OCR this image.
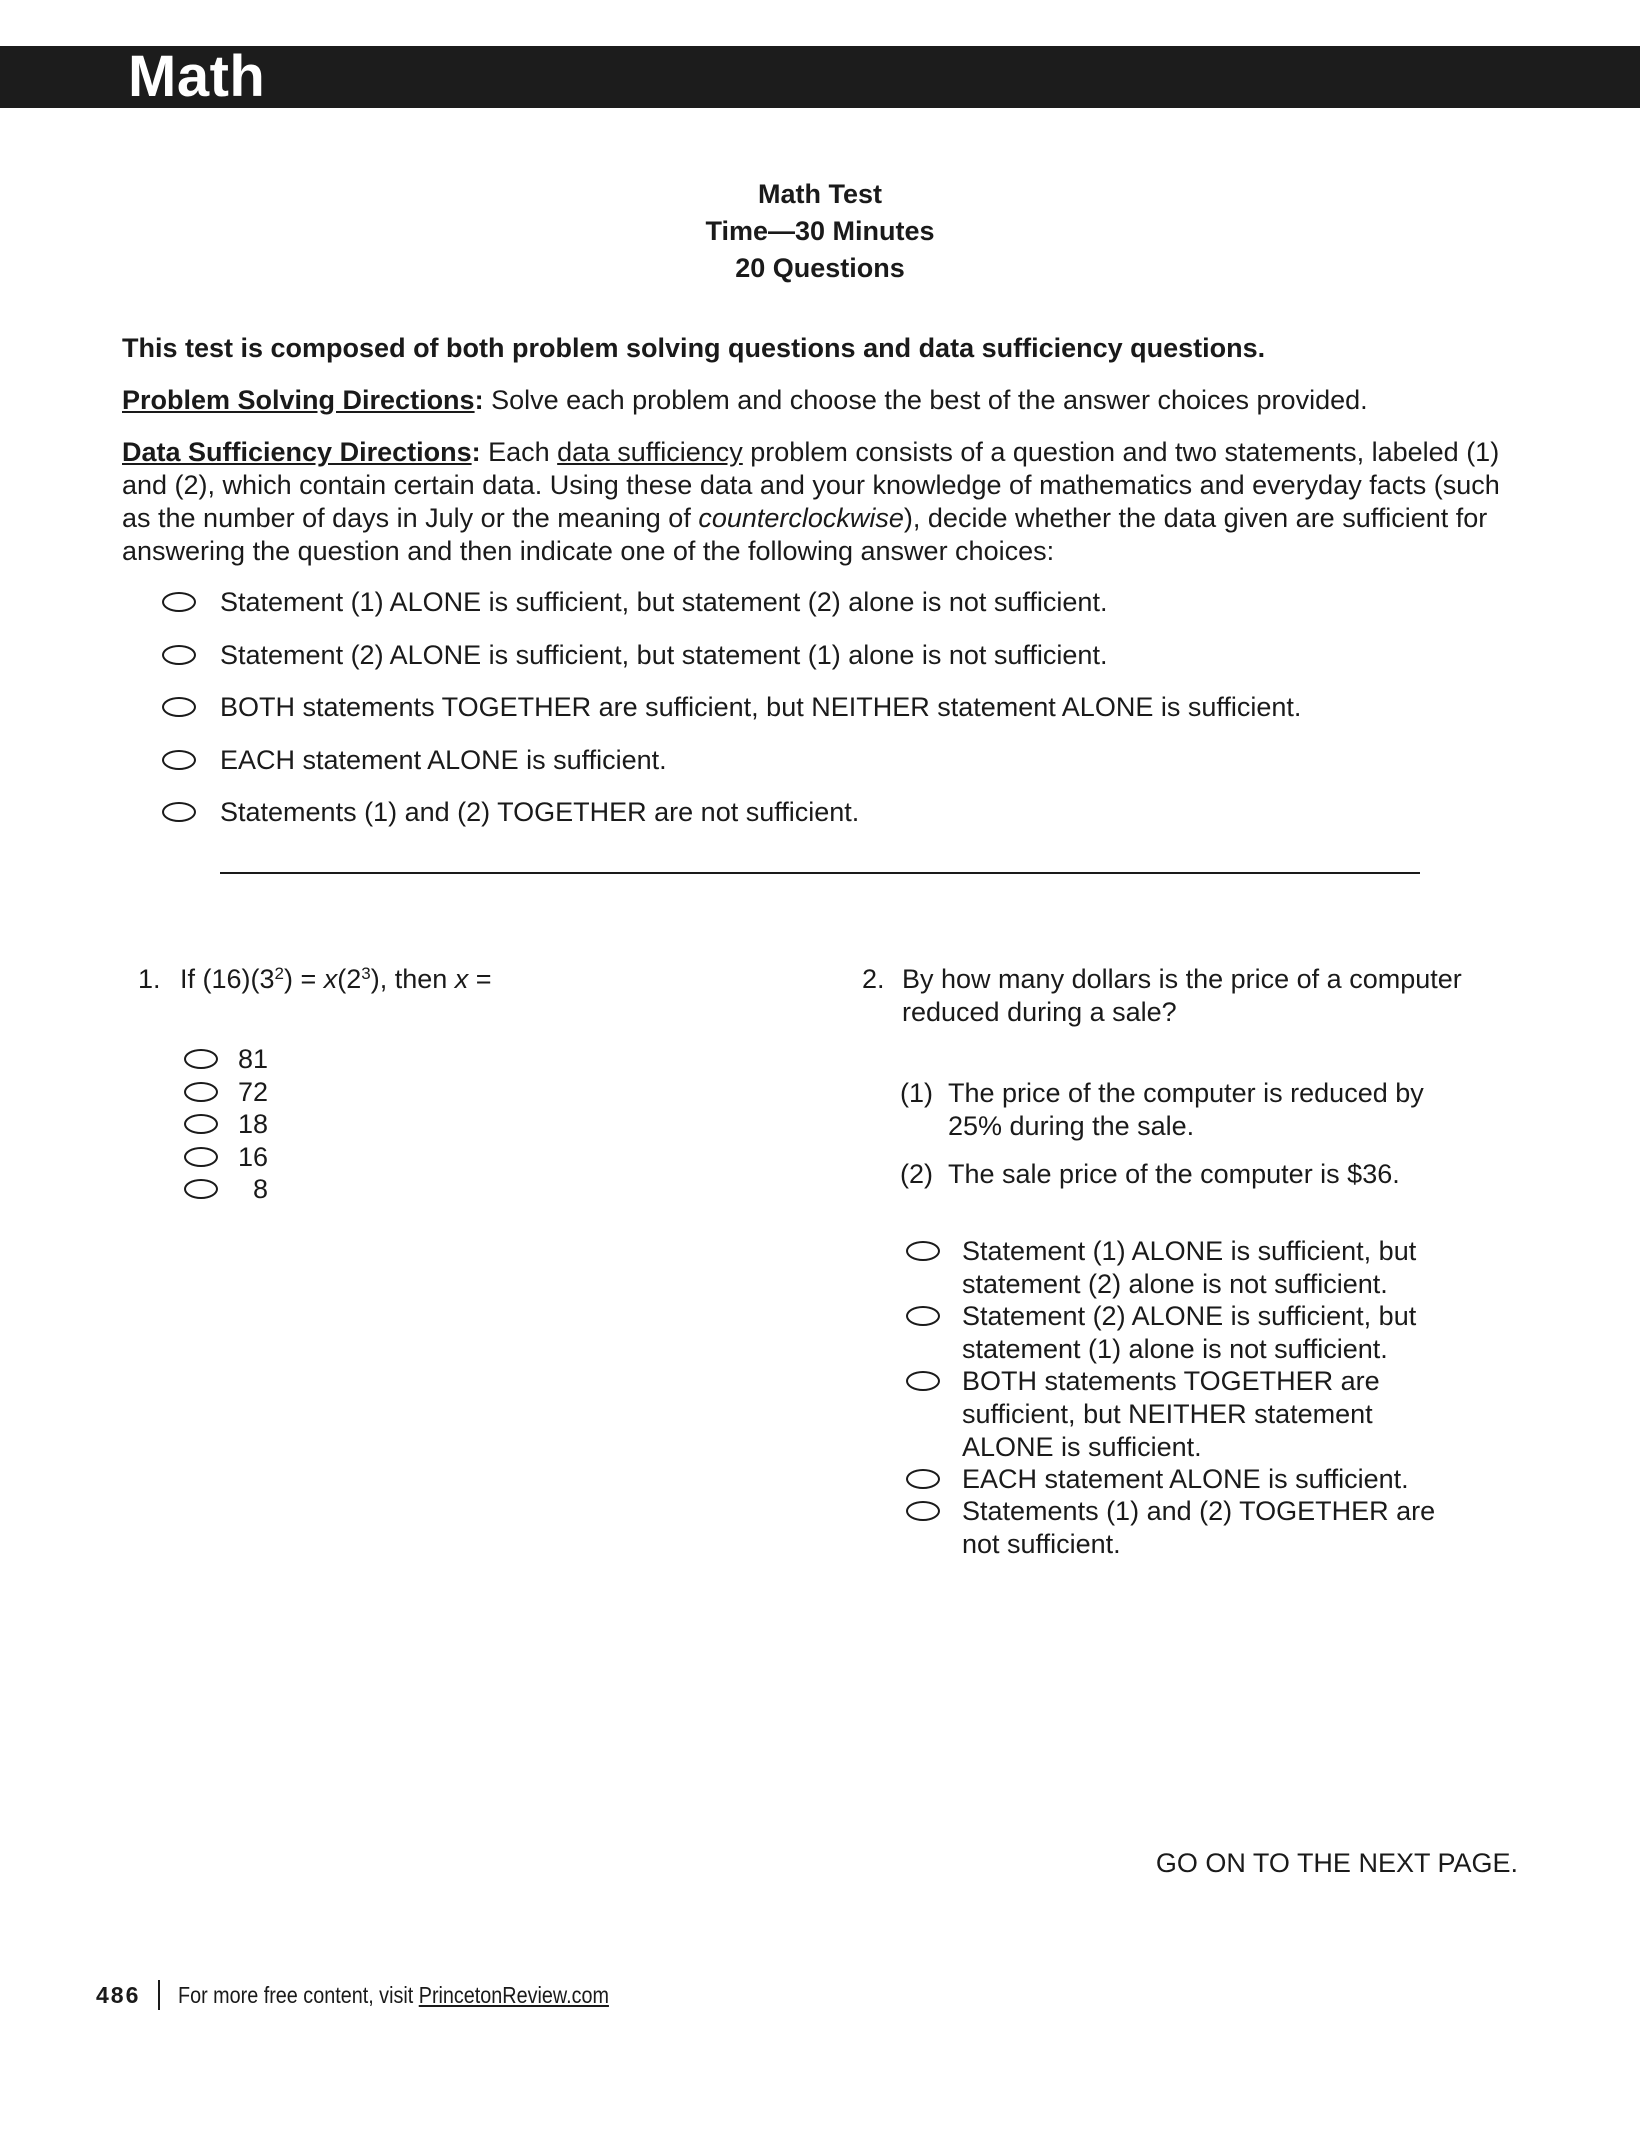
Math
Math Test
Time—30 Minutes
20 Questions
This test is composed of both problem solving questions and data sufficiency questions.
Problem Solving Directions: Solve each problem and choose the best of the answer choices provided.
Data Sufficiency Directions: Each data sufficiency problem consists of a question and two statements, labeled (1) and (2), which contain certain data. Using these data and your knowledge of mathematics and everyday facts (such as the number of days in July or the meaning of counterclockwise), decide whether the data given are sufficient for answering the question and then indicate one of the following answer choices:
Statement (1) ALONE is sufficient, but statement (2) alone is not sufficient.
Statement (2) ALONE is sufficient, but statement (1) alone is not sufficient.
BOTH statements TOGETHER are sufficient, but NEITHER statement ALONE is sufficient.
EACH statement ALONE is sufficient.
Statements (1) and (2) TOGETHER are not sufficient.
1. If $(16)(3^2) = x(2^3)$, then x =
81
72
18
16
8
2. By how many dollars is the price of a computer reduced during a sale?
(1) The price of the computer is reduced by 25% during the sale.
(2) The sale price of the computer is $36.
Statement (1) ALONE is sufficient, but statement (2) alone is not sufficient.
Statement (2) ALONE is sufficient, but statement (1) alone is not sufficient.
BOTH statements TOGETHER are sufficient, but NEITHER statement ALONE is sufficient.
EACH statement ALONE is sufficient.
Statements (1) and (2) TOGETHER are not sufficient.
GO ON TO THE NEXT PAGE.
486 For more free content, visit PrincetonReview.com
